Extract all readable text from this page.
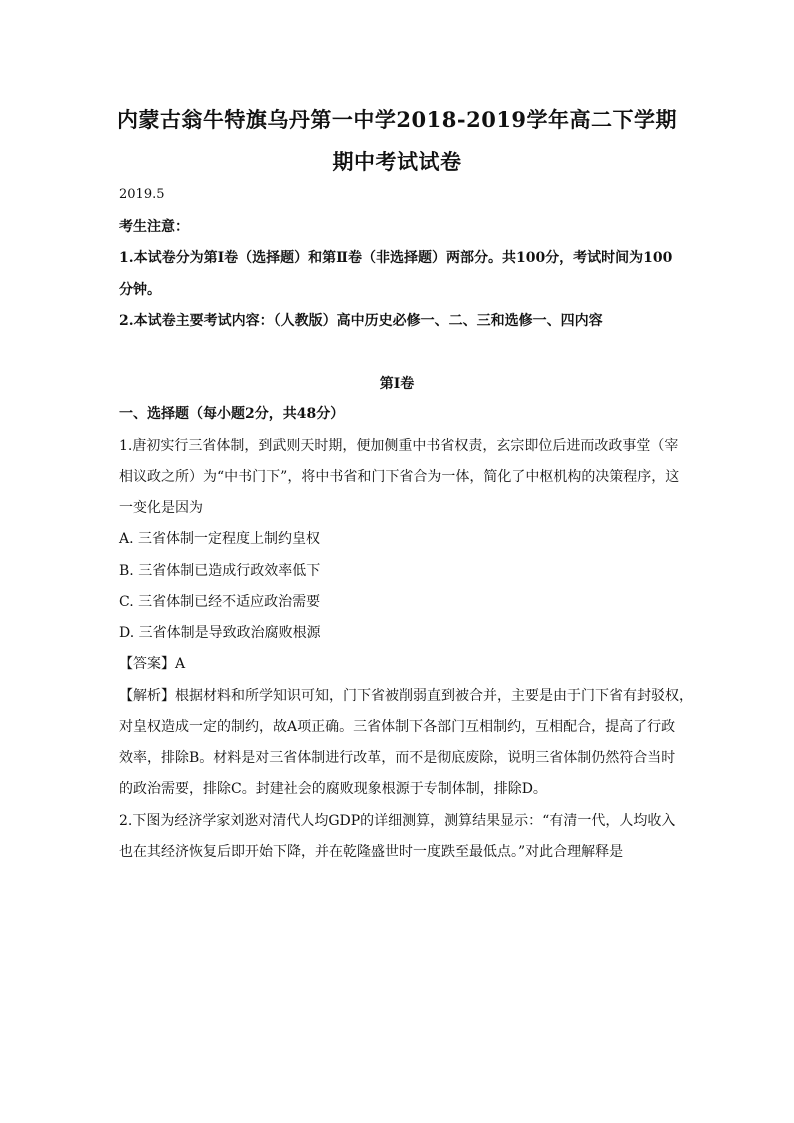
内蒙古翁牛特旗乌丹第一中学2018-2019学年高二下学期
期中考试试卷
2019.5
考生注意：
1.本试卷分为第Ⅰ卷（选择题）和第Ⅱ卷（非选择题）两部分。共100分，考试时间为100
分钟。
2.本试卷主要考试内容：（人教版）高中历史必修一、二、三和选修一、四内容
第Ⅰ卷
一、选择题（每小题2分，共48分）
1.唐初实行三省体制，到武则天时期，便加侧重中书省权责，玄宗即位后进而改政事堂（宰
相议政之所）为“中书门下”，将中书省和门下省合为一体，简化了中枢机构的决策程序，这
一变化是因为
A. 三省体制一定程度上制约皇权
B. 三省体制已造成行政效率低下
C. 三省体制已经不适应政治需要
D. 三省体制是导致政治腐败根源
【答案】A
【解析】根据材料和所学知识可知，门下省被削弱直到被合并，主要是由于门下省有封驳权，
对皇权造成一定的制约，故A项正确。三省体制下各部门互相制约，互相配合，提高了行政
效率，排除B。材料是对三省体制进行改革，而不是彻底废除，说明三省体制仍然符合当时
的政治需要，排除C。封建社会的腐败现象根源于专制体制，排除D。
2.下图为经济学家刘逖对清代人均GDP的详细测算，测算结果显示：“有清一代，人均收入
也在其经济恢复后即开始下降，并在乾隆盛世时一度跌至最低点。”对此合理解释是
